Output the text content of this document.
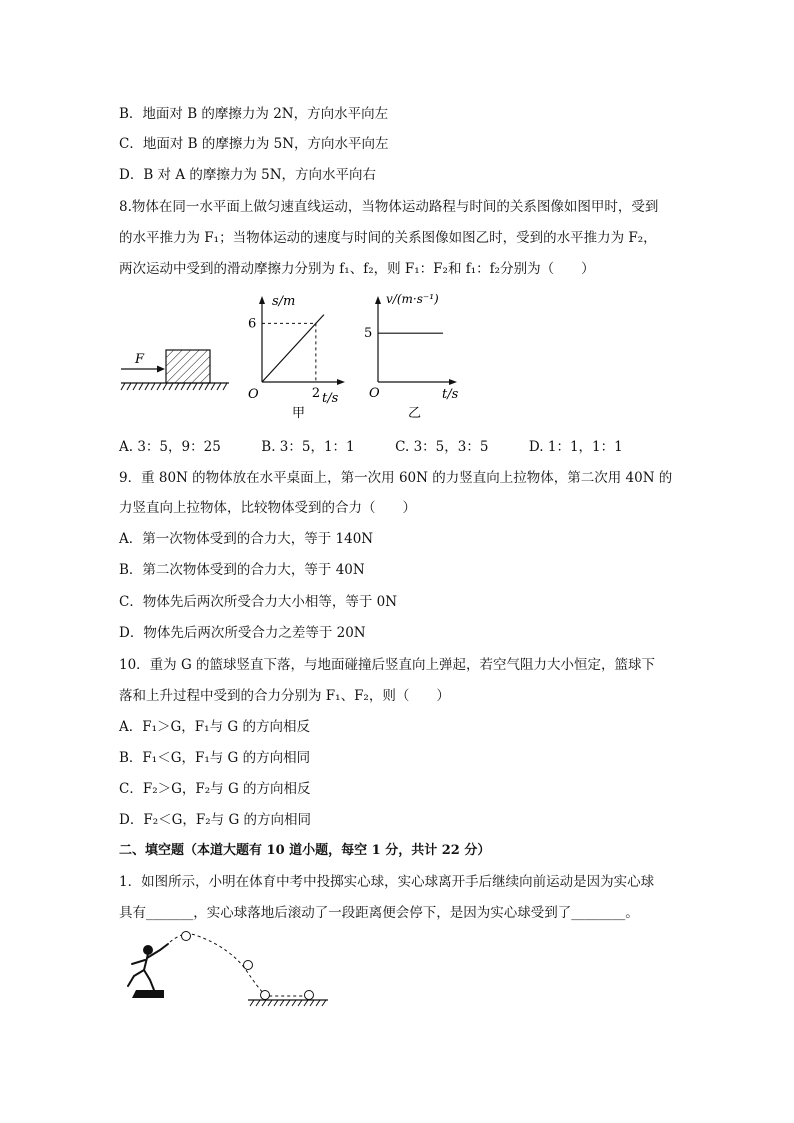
B．地面对 B 的摩擦力为 2N，方向水平向左
C．地面对 B 的摩擦力为 5N，方向水平向左
D．B 对 A 的摩擦力为 5N，方向水平向右
8.物体在同一水平面上做匀速直线运动，当物体运动路程与时间的关系图像如图甲时，受到
的水平推力为 F₁；当物体运动的速度与时间的关系图像如图乙时，受到的水平推力为 F₂，
两次运动中受到的滑动摩擦力分别为 f₁、f₂，则 F₁：F₂和 f₁：f₂分别为（　　）
F
s/m
t/s
O
甲
6
2
v/(m·s⁻¹)
t/s
O
乙
5
A. 3：5，9：25　　　B. 3：5，1：1　　　C. 3：5，3：5　　　D. 1：1，1：1
9．重 80N 的物体放在水平桌面上，第一次用 60N 的力竖直向上拉物体，第二次用 40N 的
力竖直向上拉物体，比较物体受到的合力（　　）
A．第一次物体受到的合力大，等于 140N
B．第二次物体受到的合力大，等于 40N
C．物体先后两次所受合力大小相等，等于 0N
D．物体先后两次所受合力之差等于 20N
10．重为 G 的篮球竖直下落，与地面碰撞后竖直向上弹起，若空气阻力大小恒定，篮球下
落和上升过程中受到的合力分别为 F₁、F₂，则（　　）
A．F₁＞G，F₁与 G 的方向相反
B．F₁＜G，F₁与 G 的方向相同
C．F₂＞G，F₂与 G 的方向相反
D．F₂＜G，F₂与 G 的方向相同
二、填空题（本道大题有 10 道小题，每空 1 分，共计 22 分）
1．如图所示，小明在体育中考中投掷实心球，实心球离开手后继续向前运动是因为实心球
具有_______，实心球落地后滚动了一段距离便会停下，是因为实心球受到了________。
